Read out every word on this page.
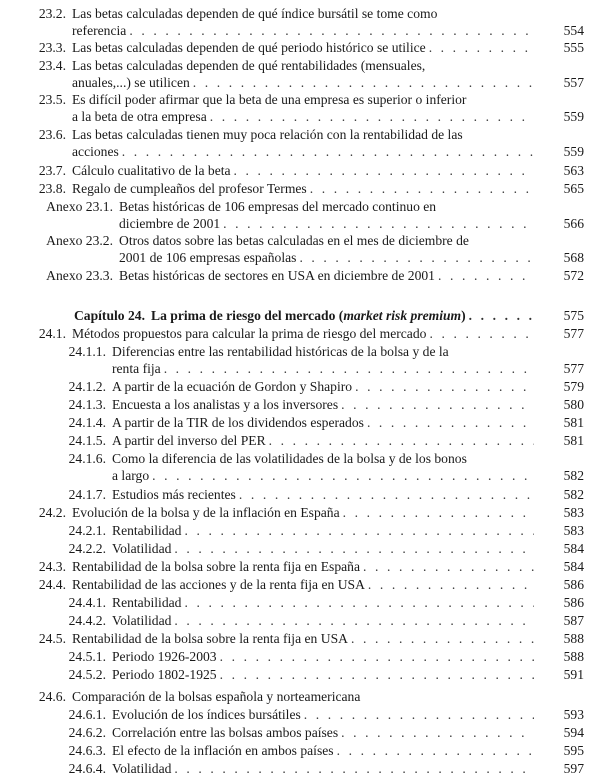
23.2. Las betas calculadas dependen de qué índice bursátil se tome como
referencia . . .	554
23.3. Las betas calculadas dependen de qué periodo histórico se utilice . . .	555
23.4. Las betas calculadas dependen de qué rentabilidades (mensuales,
anuales,...) se utilicen . . .	557
23.5. Es difícil poder afirmar que la beta de una empresa es superior o inferior
a la beta de otra empresa . . .	559
23.6. Las betas calculadas tienen muy poca relación con la rentabilidad de las
acciones . . .	559
23.7. Cálculo cualitativo de la beta . . .	563
23.8. Regalo de cumpleaños del profesor Termes . . .	565
Anexo 23.1. Betas históricas de 106 empresas del mercado continuo en
diciembre de 2001 . . .	566
Anexo 23.2. Otros datos sobre las betas calculadas en el mes de diciembre de
2001 de 106 empresas españolas . . .	568
Anexo 23.3. Betas históricas de sectores en USA en diciembre de 2001 . . .	572
Capítulo 24. La prima de riesgo del mercado (market risk premium) . . .	575
24.1. Métodos propuestos para calcular la prima de riesgo del mercado . . .	577
24.1.1. Diferencias entre las rentabilidad históricas de la bolsa y de la
renta fija . . .	577
24.1.2. A partir de la ecuación de Gordon y Shapiro . . .	579
24.1.3. Encuesta a los analistas y a los inversores . . .	580
24.1.4. A partir de la TIR de los dividendos esperados . . .	581
24.1.5. A partir del inverso del PER . . .	581
24.1.6. Como la diferencia de las volatilidades de la bolsa y de los bonos
a largo . . .	582
24.1.7. Estudios más recientes . . .	582
24.2. Evolución de la bolsa y de la inflación en España . . .	583
24.2.1. Rentabilidad . . .	583
24.2.2. Volatilidad . . .	584
24.3. Rentabilidad de la bolsa sobre la renta fija en España . . .	584
24.4. Rentabilidad de las acciones y de la renta fija en USA . . .	586
24.4.1. Rentabilidad . . .	586
24.4.2. Volatilidad . . .	587
24.5. Rentabilidad de la bolsa sobre la renta fija en USA . . .	588
24.5.1. Periodo 1926-2003 . . .	588
24.5.2. Periodo 1802-1925 . . .	591
24.6. Comparación de la bolsas española y norteamericana
24.6.1. Evolución de los índices bursátiles . . .	593
24.6.2. Correlación entre las bolsas ambos países . . .	594
24.6.3. El efecto de la inflación en ambos países . . .	595
24.6.4. Volatilidad . . .	597
